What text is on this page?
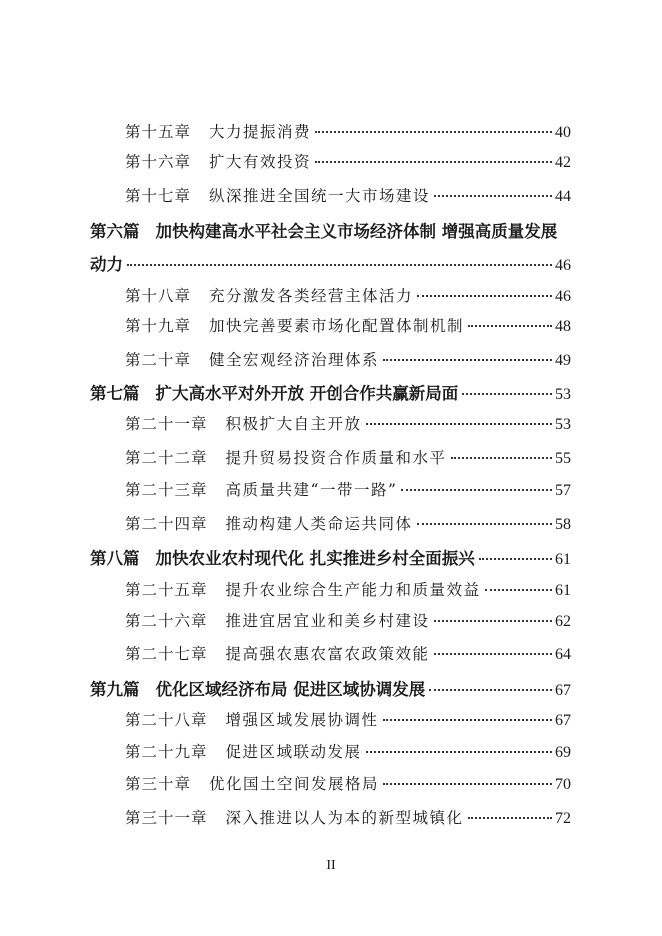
第十五章 大力提振消费	40
第十六章 扩大有效投资	42
第十七章 纵深推进全国统一大市场建设	44
第六篇 加快构建高水平社会主义市场经济体制 增强高质量发展
动力	46
第十八章 充分激发各类经营主体活力	46
第十九章 加快完善要素市场化配置体制机制	48
第二十章 健全宏观经济治理体系	49
第七篇 扩大高水平对外开放 开创合作共赢新局面	53
第二十一章 积极扩大自主开放	53
第二十二章 提升贸易投资合作质量和水平	55
第二十三章 高质量共建“一带一路”	57
第二十四章 推动构建人类命运共同体	58
第八篇 加快农业农村现代化 扎实推进乡村全面振兴	61
第二十五章 提升农业综合生产能力和质量效益	61
第二十六章 推进宜居宜业和美乡村建设	62
第二十七章 提高强农惠农富农政策效能	64
第九篇 优化区域经济布局 促进区域协调发展	67
第二十八章 增强区域发展协调性	67
第二十九章 促进区域联动发展	69
第三十章 优化国土空间发展格局	70
第三十一章 深入推进以人为本的新型城镇化	72
II
